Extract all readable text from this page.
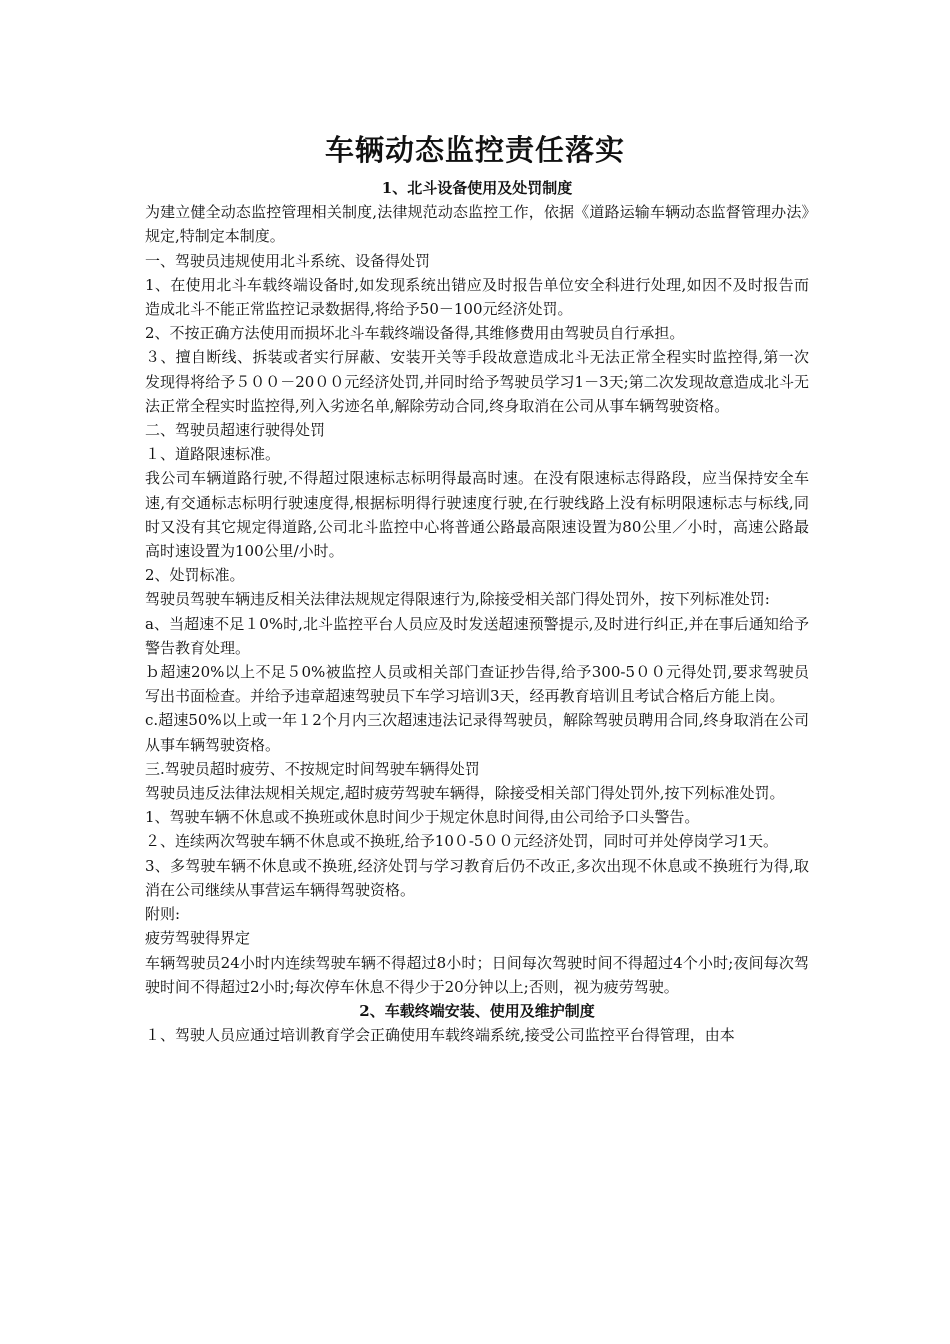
车辆动态监控责任落实

1、北斗设备使用及处罚制度

为建立健全动态监控管理相关制度,法律规范动态监控工作，依据《道路运输车辆动态监督管理办法》规定,特制定本制度。

一、驾驶员违规使用北斗系统、设备得处罚

1、在使用北斗车载终端设备时,如发现系统出错应及时报告单位安全科进行处理,如因不及时报告而造成北斗不能正常监控记录数据得,将给予50－100元经济处罚。

2、不按正确方法使用而损坏北斗车载终端设备得,其维修费用由驾驶员自行承担。

３、擅自断线、拆装或者实行屏蔽、安装开关等手段故意造成北斗无法正常全程实时监控得,第一次发现得将给予５００－20００元经济处罚,并同时给予驾驶员学习1－3天;第二次发现故意造成北斗无法正常全程实时监控得,列入劣迹名单,解除劳动合同,终身取消在公司从事车辆驾驶资格。

二、驾驶员超速行驶得处罚

１、道路限速标准。

我公司车辆道路行驶,不得超过限速标志标明得最高时速。在没有限速标志得路段，应当保持安全车速,有交通标志标明行驶速度得,根据标明得行驶速度行驶,在行驶线路上没有标明限速标志与标线,同时又没有其它规定得道路,公司北斗监控中心将普通公路最高限速设置为80公里／小时，高速公路最高时速设置为100公里/小时。

2、处罚标准。

驾驶员驾驶车辆违反相关法律法规规定得限速行为,除接受相关部门得处罚外，按下列标准处罚:

a、当超速不足１0%时,北斗监控平台人员应及时发送超速预警提示,及时进行纠正,并在事后通知给予警告教育处理。

ｂ超速20%以上不足５0%被监控人员或相关部门查证抄告得,给予300-5００元得处罚,要求驾驶员写出书面检查。并给予违章超速驾驶员下车学习培训3天，经再教育培训且考试合格后方能上岗。

c.超速50%以上或一年１2个月内三次超速违法记录得驾驶员，解除驾驶员聘用合同,终身取消在公司从事车辆驾驶资格。

三.驾驶员超时疲劳、不按规定时间驾驶车辆得处罚

驾驶员违反法律法规相关规定,超时疲劳驾驶车辆得，除接受相关部门得处罚外,按下列标准处罚。

1、驾驶车辆不休息或不换班或休息时间少于规定休息时间得,由公司给予口头警告。

２、连续两次驾驶车辆不休息或不换班,给予10０-5００元经济处罚，同时可并处停岗学习1天。

3、多驾驶车辆不休息或不换班,经济处罚与学习教育后仍不改正,多次出现不休息或不换班行为得,取消在公司继续从事营运车辆得驾驶资格。

附则:

疲劳驾驶得界定

车辆驾驶员24小时内连续驾驶车辆不得超过8小时；日间每次驾驶时间不得超过4个小时;夜间每次驾驶时间不得超过2小时;每次停车休息不得少于20分钟以上;否则，视为疲劳驾驶。

2、车载终端安装、使用及维护制度

１、驾驶人员应通过培训教育学会正确使用车载终端系统,接受公司监控平台得管理，由本
